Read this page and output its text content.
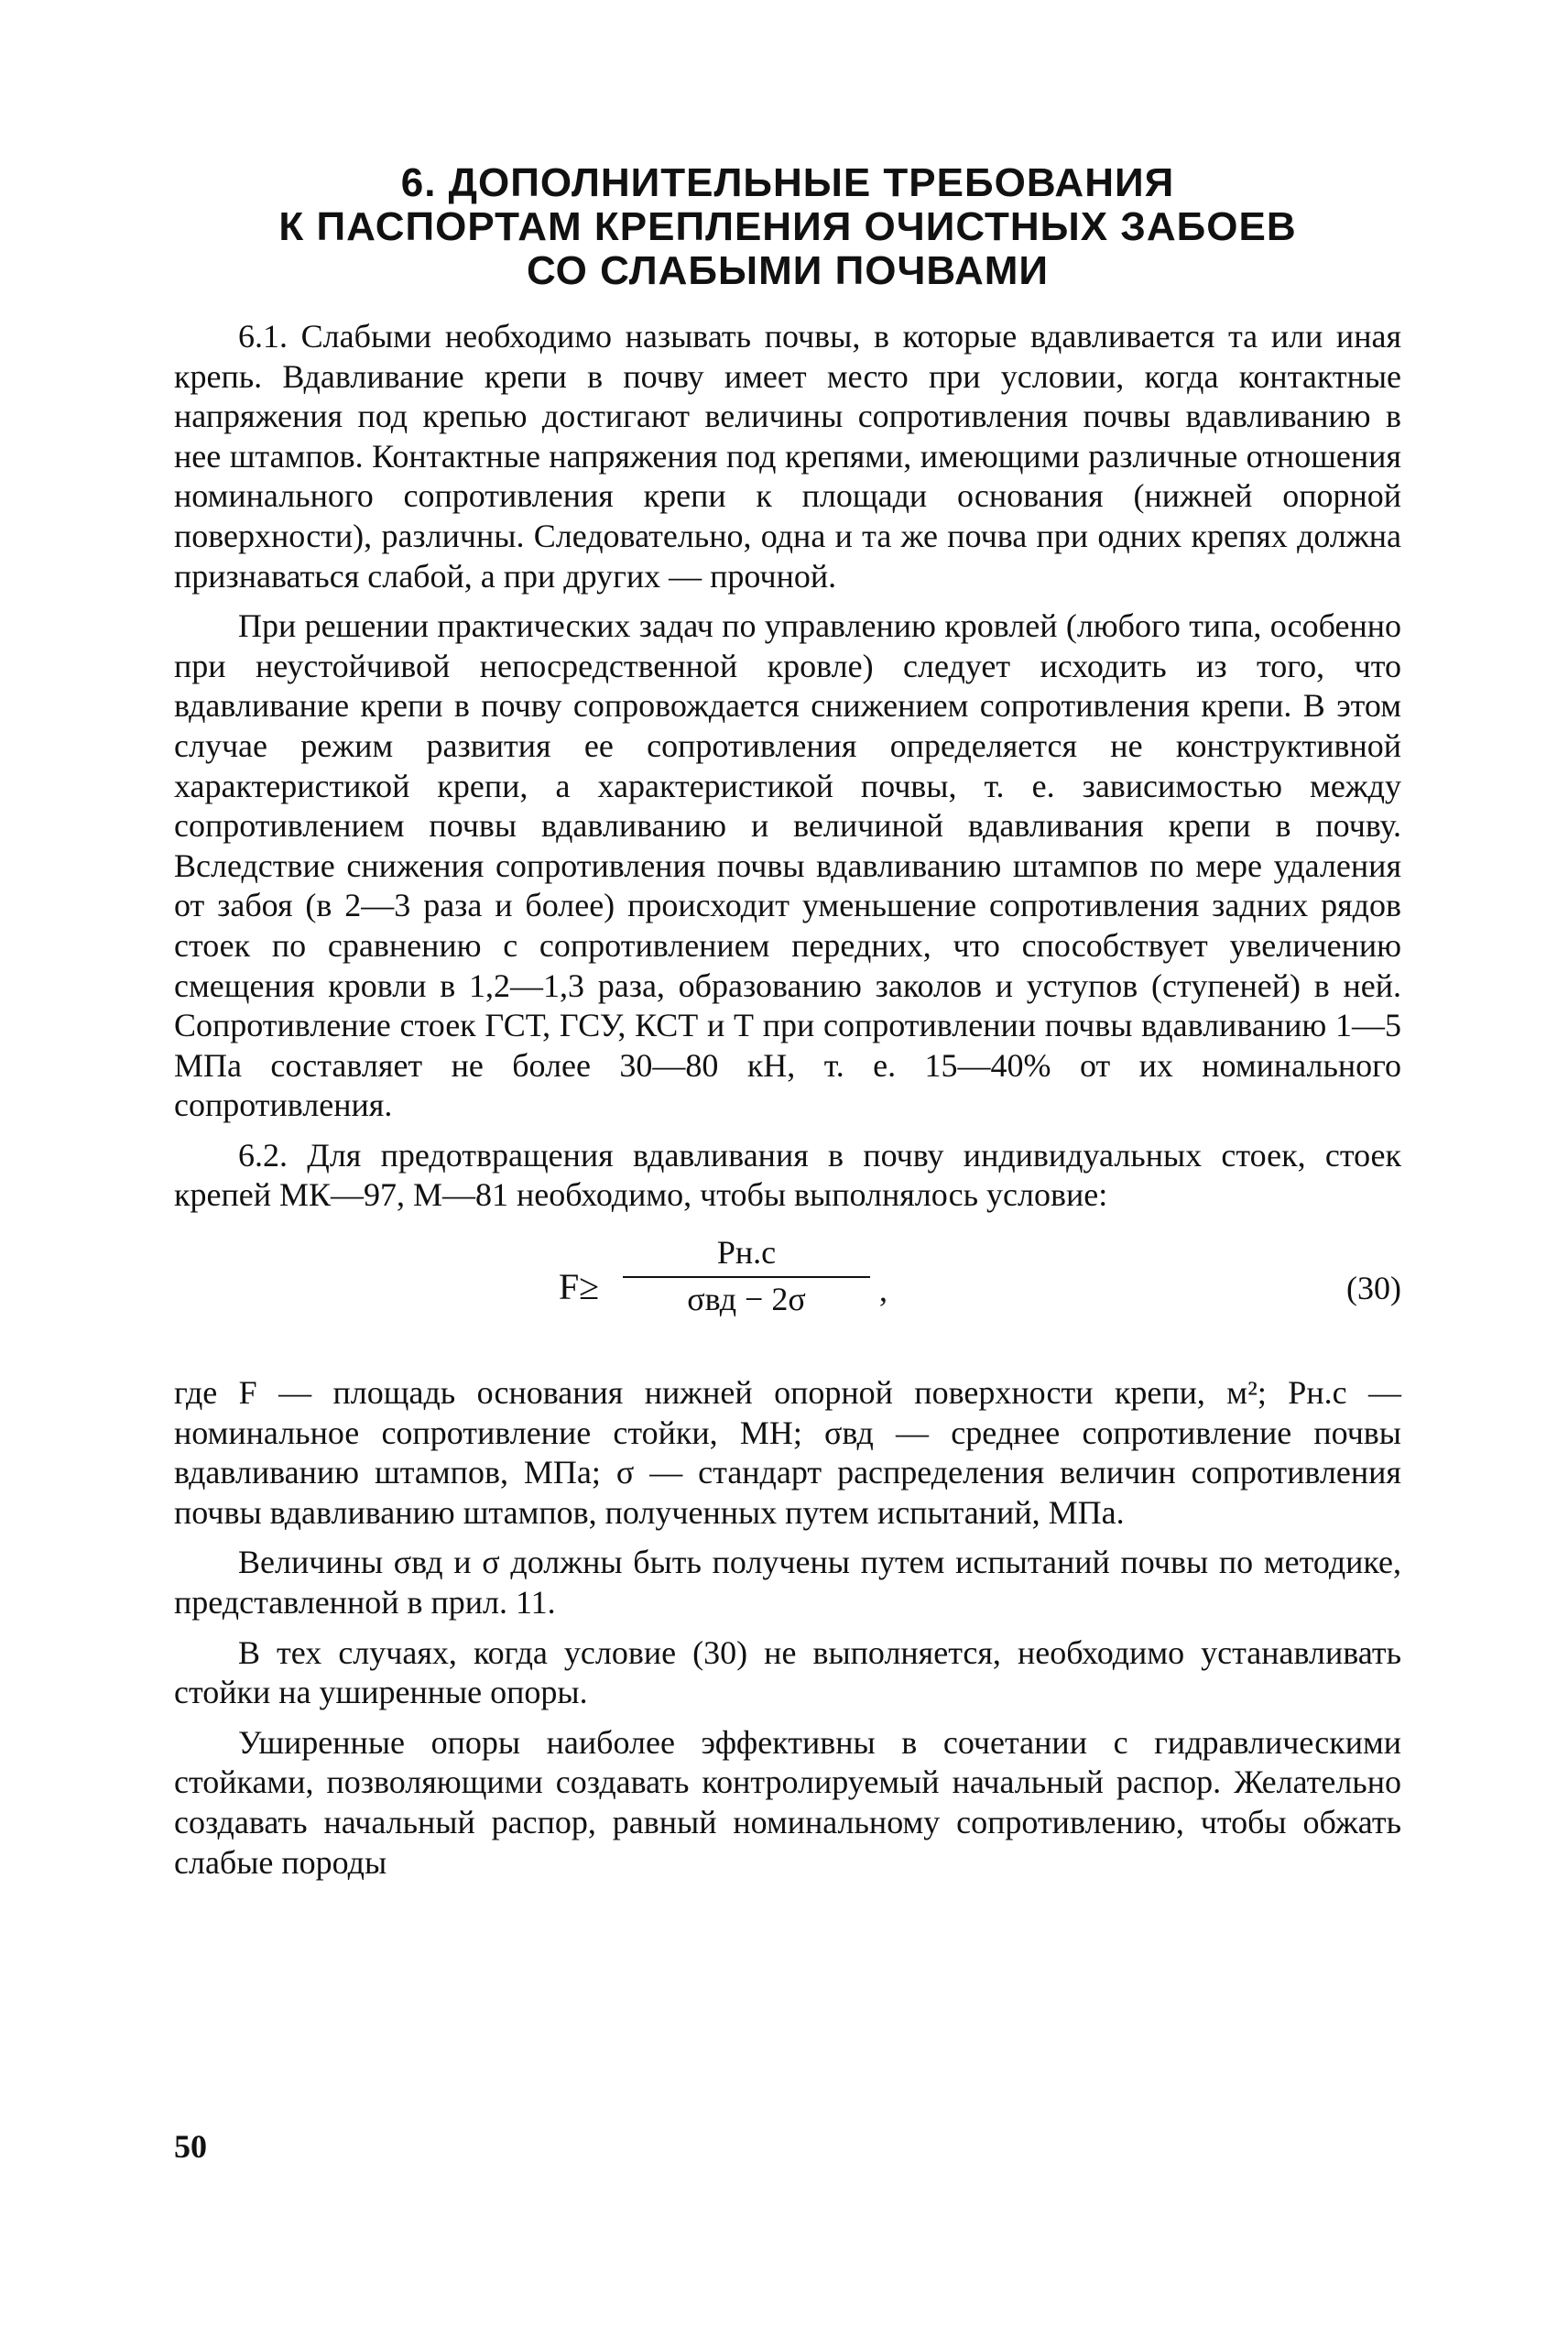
6. ДОПОЛНИТЕЛЬНЫЕ ТРЕБОВАНИЯ
К ПАСПОРТАМ КРЕПЛЕНИЯ ОЧИСТНЫХ ЗАБОЕВ
СО СЛАБЫМИ ПОЧВАМИ

6.1. Слабыми необходимо называть почвы, в которые вдавливается та или иная крепь. Вдавливание крепи в почву имеет место при условии, когда контактные напряжения под крепью достигают величины сопротивления почвы вдавливанию в нее штампов. Контактные напряжения под крепями, имеющими различные отношения номинального сопротивления крепи к площади основания (нижней опорной поверхности), различны. Следовательно, одна и та же почва при одних крепях должна признаваться слабой, а при других — прочной.

При решении практических задач по управлению кровлей (любого типа, особенно при неустойчивой непосредственной кровле) следует исходить из того, что вдавливание крепи в почву сопровождается снижением сопротивления крепи. В этом случае режим развития ее сопротивления определяется не конструктивной характеристикой крепи, а характеристикой почвы, т. е. зависимостью между сопротивлением почвы вдавливанию и величиной вдавливания крепи в почву. Вследствие снижения сопротивления почвы вдавливанию штампов по мере удаления от забоя (в 2—3 раза и более) происходит уменьшение сопротивления задних рядов стоек по сравнению с сопротивлением передних, что способствует увеличению смещения кровли в 1,2—1,3 раза, образованию заколов и уступов (ступеней) в ней. Сопротивление стоек ГСТ, ГСУ, КСТ и Т при сопротивлении почвы вдавливанию 1—5 МПа составляет не более 30—80 кН, т. е. 15—40% от их номинального сопротивления.

6.2. Для предотвращения вдавливания в почву индивидуальных стоек, стоек крепей МК—97, М—81 необходимо, чтобы выполнялось условие:

F≥
Pн.с
σвд − 2σ	,	(30)

где F — площадь основания нижней опорной поверхности крепи, м²; Pн.с — номинальное сопротивление стойки, МН; σвд — среднее сопротивление почвы вдавливанию штампов, МПа; σ — стандарт распределения величин сопротивления почвы вдавливанию штампов, полученных путем испытаний, МПа.

Величины σвд и σ должны быть получены путем испытаний почвы по методике, представленной в прил. 11.

В тех случаях, когда условие (30) не выполняется, необходимо устанавливать стойки на уширенные опоры.

Уширенные опоры наиболее эффективны в сочетании с гидравлическими стойками, позволяющими создавать контролируемый начальный распор. Желательно создавать начальный распор, равный номинальному сопротивлению, чтобы обжать слабые породы

50
